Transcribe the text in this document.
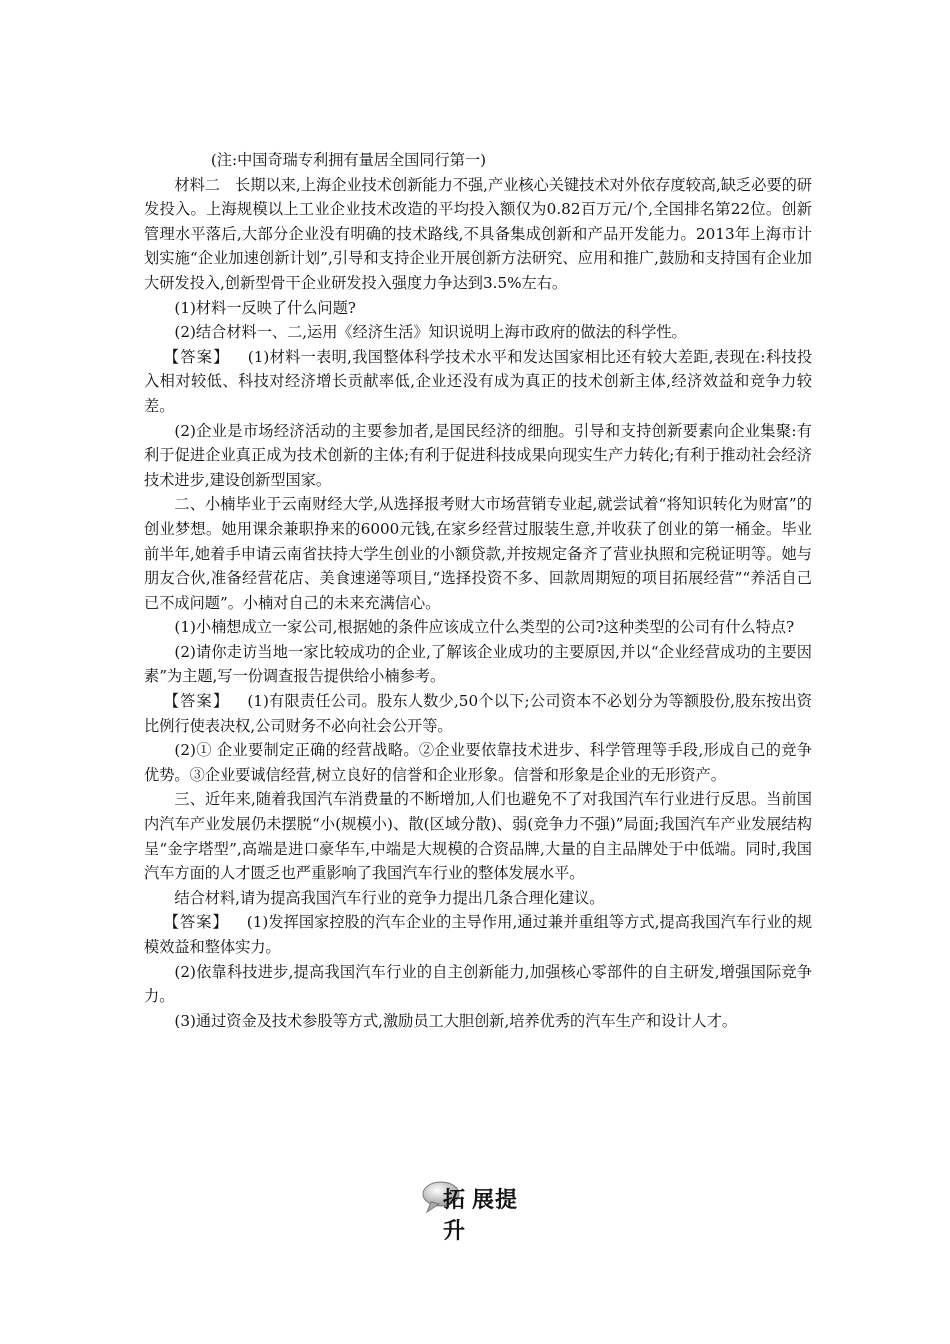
(注:中国奇瑞专利拥有量居全国同行第一)

材料二　长期以来,上海企业技术创新能力不强,产业核心关键技术对外依存度较高,缺乏必要的研发投入。上海规模以上工业企业技术改造的平均投入额仅为0.82百万元/个,全国排名第22位。创新管理水平落后,大部分企业没有明确的技术路线,不具备集成创新和产品开发能力。2013年上海市计划实施“企业加速创新计划”,引导和支持企业开展创新方法研究、应用和推广,鼓励和支持国有企业加大研发投入,创新型骨干企业研发投入强度力争达到3.5%左右。

(1)材料一反映了什么问题?

(2)结合材料一、二,运用《经济生活》知识说明上海市政府的做法的科学性。

【答案】 (1)材料一表明,我国整体科学技术水平和发达国家相比还有较大差距,表现在:科技投入相对较低、科技对经济增长贡献率低,企业还没有成为真正的技术创新主体,经济效益和竞争力较差。

(2)企业是市场经济活动的主要参加者,是国民经济的细胞。引导和支持创新要素向企业集聚:有利于促进企业真正成为技术创新的主体;有利于促进科技成果向现实生产力转化;有利于推动社会经济技术进步,建设创新型国家。

二、小楠毕业于云南财经大学,从选择报考财大市场营销专业起,就尝试着“将知识转化为财富”的创业梦想。她用课余兼职挣来的6000元钱,在家乡经营过服装生意,并收获了创业的第一桶金。毕业前半年,她着手申请云南省扶持大学生创业的小额贷款,并按规定备齐了营业执照和完税证明等。她与朋友合伙,准备经营花店、美食速递等项目,“选择投资不多、回款周期短的项目拓展经营”“养活自己已不成问题”。小楠对自己的未来充满信心。

(1)小楠想成立一家公司,根据她的条件应该成立什么类型的公司?这种类型的公司有什么特点?

(2)请你走访当地一家比较成功的企业,了解该企业成功的主要原因,并以“企业经营成功的主要因素”为主题,写一份调查报告提供给小楠参考。

【答案】 (1)有限责任公司。股东人数少,50个以下;公司资本不必划分为等额股份,股东按出资比例行使表决权,公司财务不必向社会公开等。

(2)① 企业要制定正确的经营战略。②企业要依靠技术进步、科学管理等手段,形成自己的竞争优势。③企业要诚信经营,树立良好的信誉和企业形象。信誉和形象是企业的无形资产。

三、近年来,随着我国汽车消费量的不断增加,人们也避免不了对我国汽车行业进行反思。当前国内汽车产业发展仍未摆脱“小(规模小)、散(区域分散)、弱(竞争力不强)”局面;我国汽车产业发展结构呈“金字塔型”,高端是进口豪华车,中端是大规模的合资品牌,大量的自主品牌处于中低端。同时,我国汽车方面的人才匮乏也严重影响了我国汽车行业的整体发展水平。

结合材料,请为提高我国汽车行业的竞争力提出几条合理化建议。

【答案】 (1)发挥国家控股的汽车企业的主导作用,通过兼并重组等方式,提高我国汽车行业的规模效益和整体实力。

(2)依靠科技进步,提高我国汽车行业的自主创新能力,加强核心零部件的自主研发,增强国际竞争力。

(3)通过资金及技术参股等方式,激励员工大胆创新,培养优秀的汽车生产和设计人才。

拓 展提升
